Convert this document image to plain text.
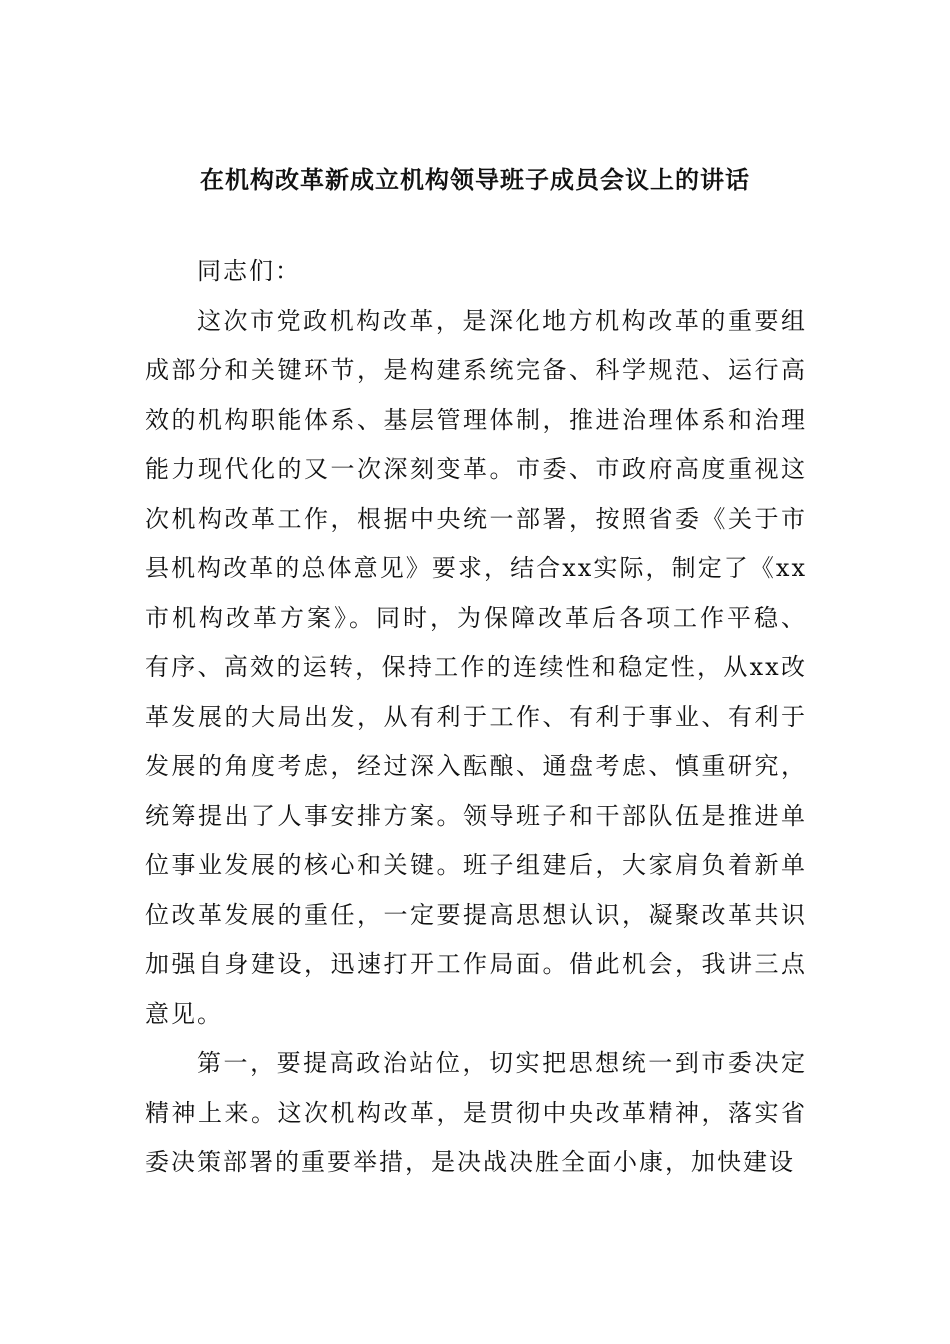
在机构改革新成立机构领导班子成员会议上的讲话

同志们：

这次市党政机构改革，是深化地方机构改革的重要组成部分和关键环节，是构建系统完备、科学规范、运行高效的机构职能体系、基层管理体制，推进治理体系和治理能力现代化的又一次深刻变革。市委、市政府高度重视这次机构改革工作，根据中央统一部署，按照省委《关于市县机构改革的总体意见》要求，结合xx实际，制定了《xx市机构改革方案》。同时，为保障改革后各项工作平稳、有序、高效的运转，保持工作的连续性和稳定性，从xx改革发展的大局出发，从有利于工作、有利于事业、有利于发展的角度考虑，经过深入酝酿、通盘考虑、慎重研究，统筹提出了人事安排方案。领导班子和干部队伍是推进单位事业发展的核心和关键。班子组建后，大家肩负着新单位改革发展的重任，一定要提高思想认识，凝聚改革共识加强自身建设，迅速打开工作局面。借此机会，我讲三点意见。

第一，要提高政治站位，切实把思想统一到市委决定精神上来。这次机构改革，是贯彻中央改革精神，落实省委决策部署的重要举措，是决战决胜全面小康，加快建设
